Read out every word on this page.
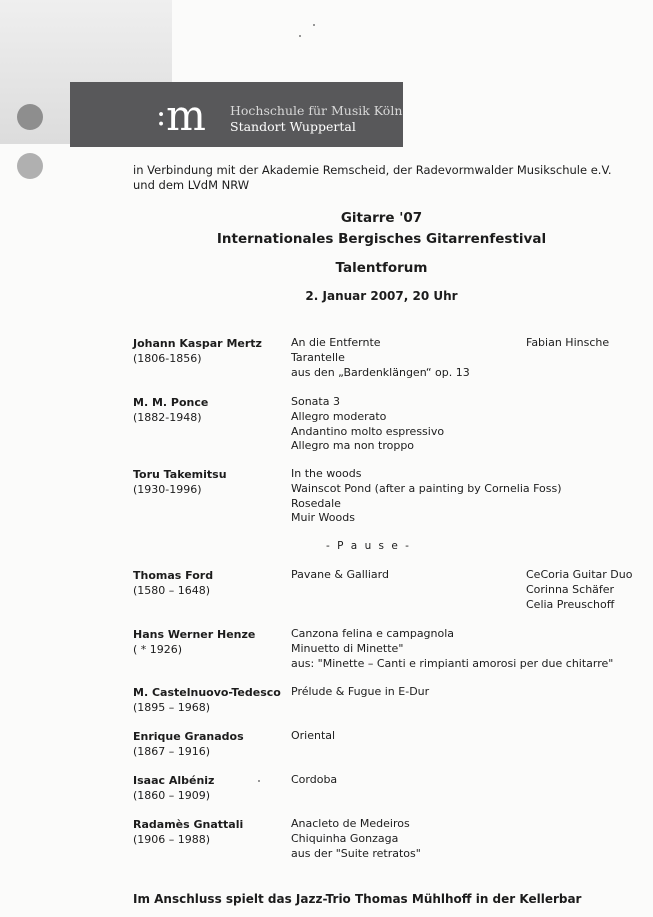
:m Hochschule für Musik Köln
Standort Wuppertal
in Verbindung mit der Akademie Remscheid, der Radevormwalder Musikschule e.V.
und dem LVdM NRW
Gitarre '07
Internationales Bergisches Gitarrenfestival
Talentforum
2. Januar 2007, 20 Uhr
Johann Kaspar Mertz
(1806-1856)
An die Entfernte
Tarantelle
aus den „Bardenklängen“ op. 13
Fabian Hinsche
M. M. Ponce
(1882-1948)
Sonata 3
Allegro moderato
Andantino molto espressivo
Allegro ma non troppo
Toru Takemitsu
(1930-1996)
In the woods
Wainscot Pond (after a painting by Cornelia Foss)
Rosedale
Muir Woods
- P a u s e -
Thomas Ford
(1580 – 1648)
Pavane & Galliard	CeCoria Guitar Duo
Corinna Schäfer
Celia Preuschoff
Hans Werner Henze
( * 1926)
Canzona felina e campagnola
Minuetto di Minette"
aus: "Minette – Canti e rimpianti amorosi per due chitarre"
M. Castelnuovo-Tedesco
(1895 – 1968)
Prélude & Fugue in E-Dur
Enrique Granados
(1867 – 1916)
Oriental
Isaac Albéniz
(1860 – 1909)
Cordoba
Radamès Gnattali
(1906 – 1988)
Anacleto de Medeiros
Chiquinha Gonzaga
aus der "Suite retratos"
Im Anschluss spielt das Jazz-Trio Thomas Mühlhoff in der Kellerbar
